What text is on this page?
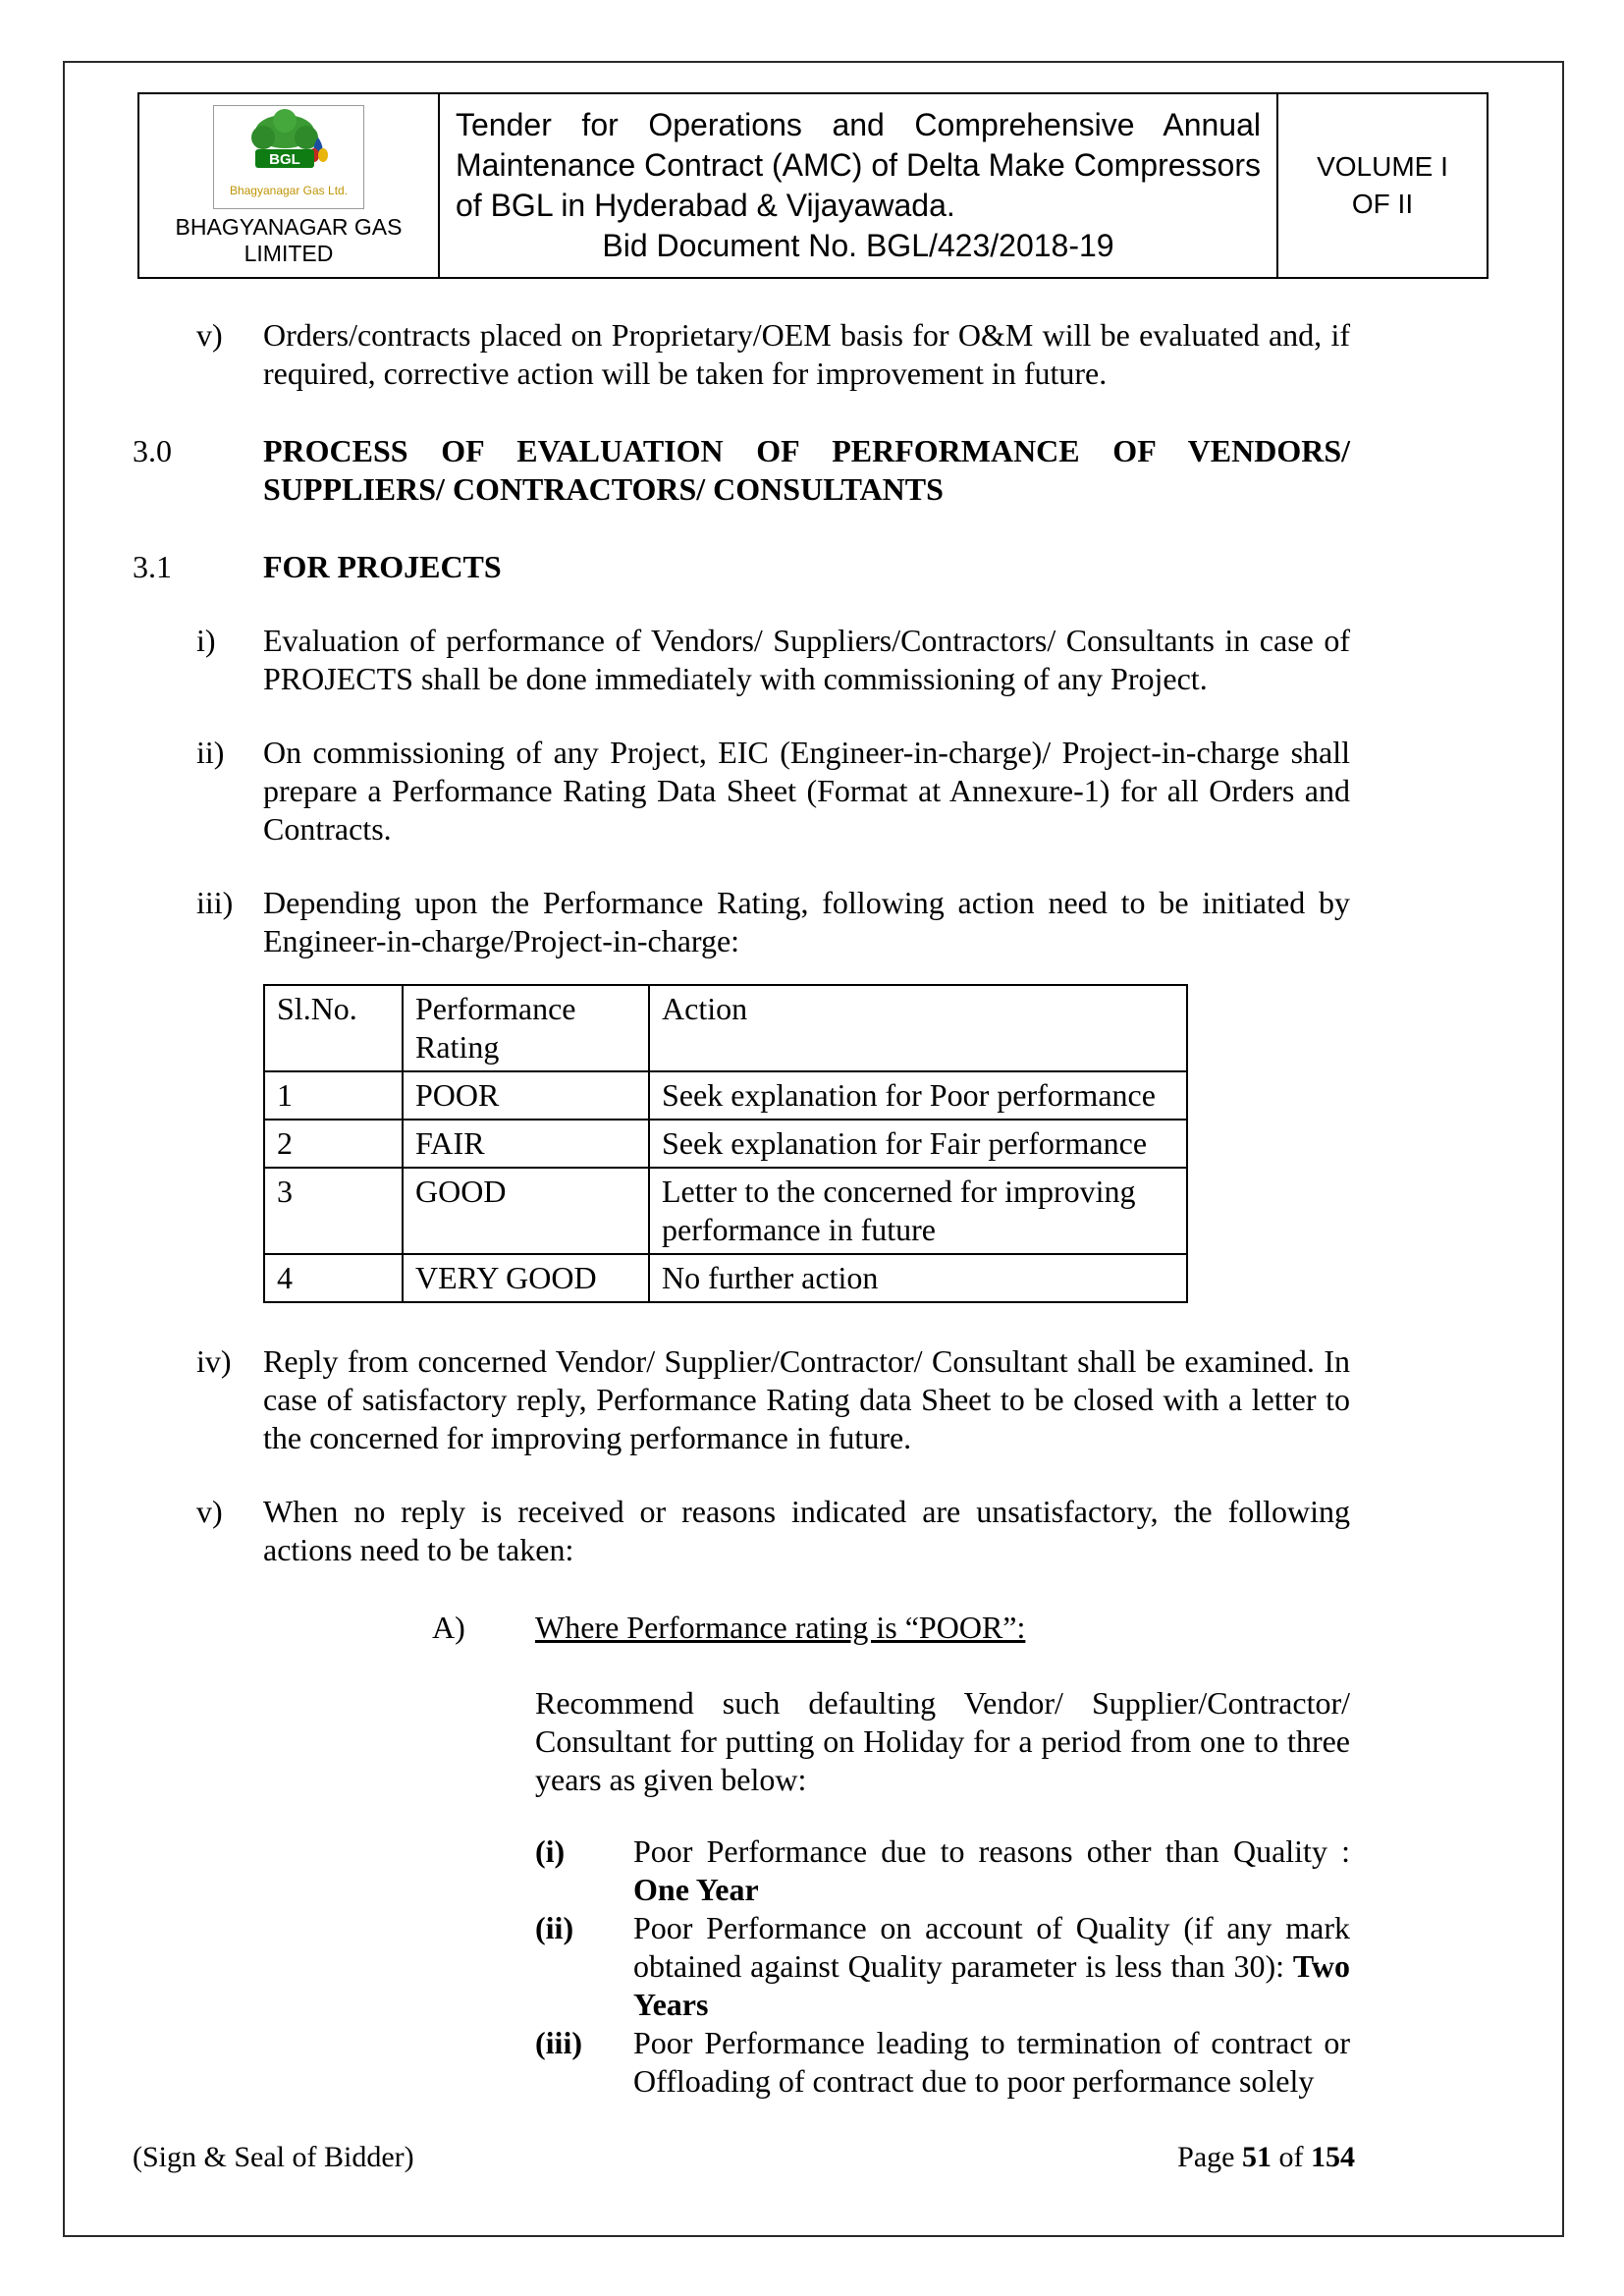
BGL
Bhagyanagar Gas Ltd.
BHAGYANAGAR GAS
LIMITED
Tender for Operations and Comprehensive Annual Maintenance Contract (AMC) of Delta Make Compressors of BGL in Hyderabad & Vijayawada.
Bid Document No. BGL/423/2018-19
VOLUME I
OF II
v)	Orders/contracts placed on Proprietary/OEM basis for O&M will be evaluated and, if required, corrective action will be taken for improvement in future.
3.0	PROCESS OF EVALUATION OF PERFORMANCE OF VENDORS/ SUPPLIERS/ CONTRACTORS/ CONSULTANTS
3.1	FOR PROJECTS
i)	Evaluation of performance of Vendors/ Suppliers/Contractors/ Consultants in case of PROJECTS shall be done immediately with commissioning of any Project.
ii)	On commissioning of any Project, EIC (Engineer-in-charge)/ Project-in-charge shall prepare a Performance Rating Data Sheet (Format at Annexure-1) for all Orders and Contracts.
iii) Depending upon the Performance Rating, following action need to be initiated by Engineer-in-charge/Project-in-charge:
Sl.No.	Performance Rating	Action
1	POOR	Seek explanation for Poor performance
2	FAIR	Seek explanation for Fair performance
3	GOOD	Letter to the concerned for improving performance in future
4	VERY GOOD	No further action
iv)	Reply from concerned Vendor/ Supplier/Contractor/ Consultant shall be examined. In case of satisfactory reply, Performance Rating data Sheet to be closed with a letter to the concerned for improving performance in future.
v)	When no reply is received or reasons indicated are unsatisfactory, the following actions need to be taken:
A)	Where Performance rating is “POOR”:
Recommend such defaulting Vendor/ Supplier/Contractor/ Consultant for putting on Holiday for a period from one to three years as given below:
(i)	Poor Performance due to reasons other than Quality : One Year
(ii)	Poor Performance on account of Quality (if any mark obtained against Quality parameter is less than 30): Two Years
(iii)	Poor Performance leading to termination of contract or Offloading of contract due to poor performance solely
(Sign & Seal of Bidder)	Page 51 of 154
